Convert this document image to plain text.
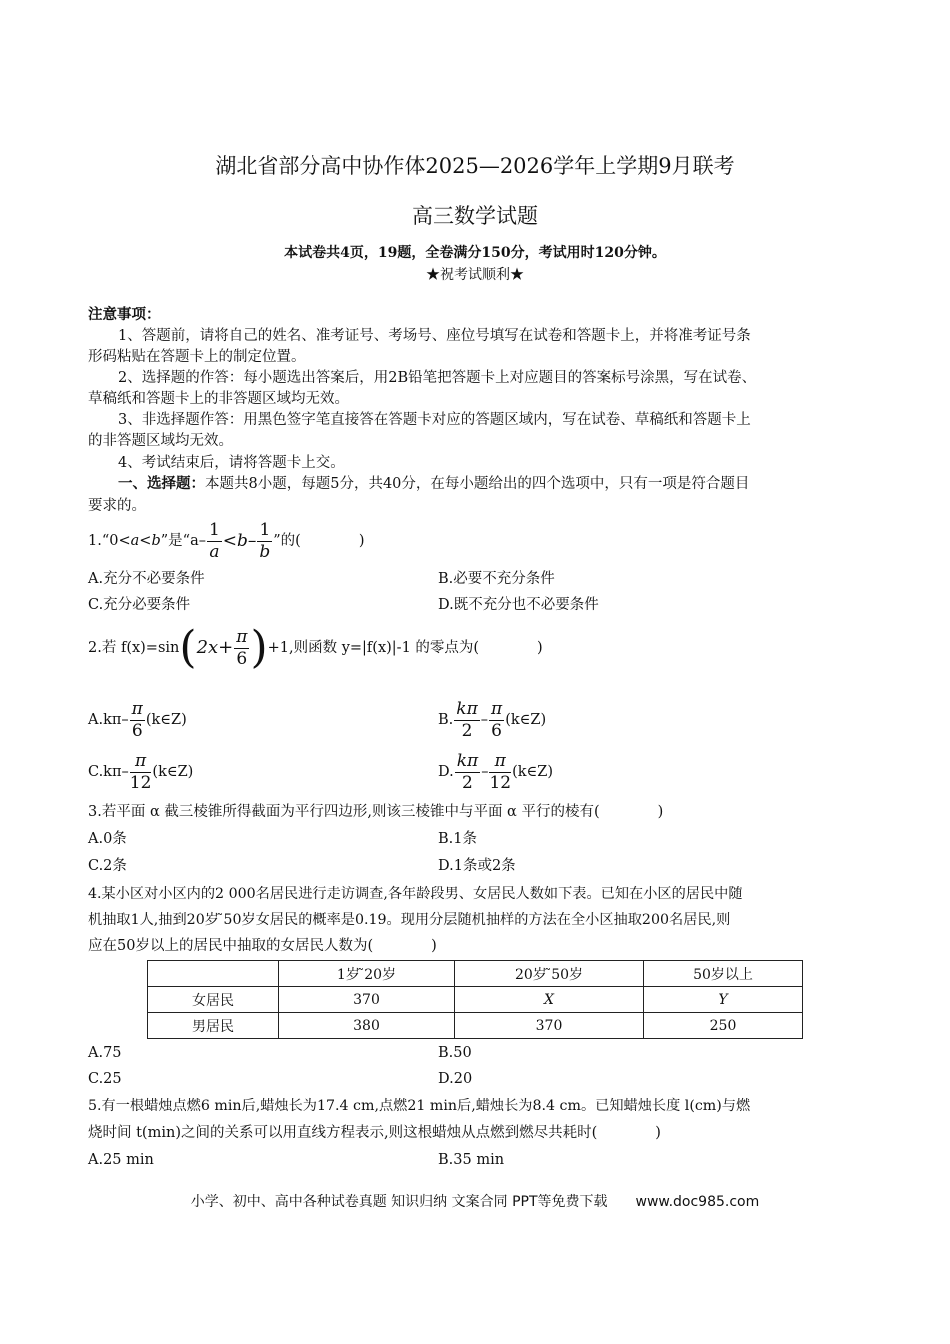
湖北省部分高中协作体2025—2026学年上学期9月联考
高三数学试题
本试卷共4页，19题，全卷满分150分，考试用时120分钟。
★祝考试顺利★
注意事项：
1、答题前，请将自己的姓名、准考证号、考场号、座位号填写在试卷和答题卡上，并将准考证号条
形码粘贴在答题卡上的制定位置。
2、选择题的作答：每小题选出答案后，用2B铅笔把答题卡上对应题目的答案标号涂黑，写在试卷、
草稿纸和答题卡上的非答题区域均无效。
3、非选择题作答：用黑色签字笔直接答在答题卡对应的答题区域内，写在试卷、草稿纸和答题卡上
的非答题区域均无效。
4、考试结束后，请将答题卡上交。
一、选择题：本题共8小题，每题5分，共40分，在每小题给出的四个选项中，只有一项是符合题目
要求的。
1.“0< a < b ”是“ $a- \frac{1}{a} <b- \frac{1}{b}$ ”的(　　　　)
A.充分不必要条件	B.必要不充分条件
C.充分必要条件	D.既不充分也不必要条件
2.若
f(x)=sin ( $2x+ \frac{\pi}{6}$ ) +1,则函数 y=|f(x)|-1 的零点为(　　　　)
$A.k\pi- \frac{\pi}{6}$ (k∈Z)	B. $\frac{k\pi}{2} - \frac{\pi}{6}$ (k∈Z)
$C.k\pi- \frac{\pi}{12}$ (k∈Z)	D. $\frac{k\pi}{2} - \frac{\pi}{12}$ (k∈Z)
3.若平面 α 截三棱锥所得截面为平行四边形,则该三棱锥中与平面 α 平行的棱有(　　　　)
A.0条	B.1条
C.2条	D.1条或2条
4.某小区对小区内的2 000名居民进行走访调查,各年龄段男、女居民人数如下表。已知在小区的居民中随
机抽取1人,抽到20岁 ̃50岁女居民的概率是0.19。现用分层随机抽样的方法在全小区抽取200名居民,则
应在50岁以上的居民中抽取的女居民人数为(　　　　)
	1岁 ̃20岁	20岁 ̃50岁	50岁以上
女居民	370	X	Y
男居民	380	370	250
A.75	B.50
C.25	D.20
5.有一根蜡烛点燃6 min后,蜡烛长为17.4 cm,点燃21 min后,蜡烛长为8.4 cm。已知蜡烛长度 l(cm)与燃
烧时间 t(min)之间的关系可以用直线方程表示,则这根蜡烛从点燃到燃尽共耗时(　　　　)
A.25 min	B.35 min
小学、初中、高中各种试卷真题 知识归纳 文案合同 PPT等免费下载　　www.doc985.com
